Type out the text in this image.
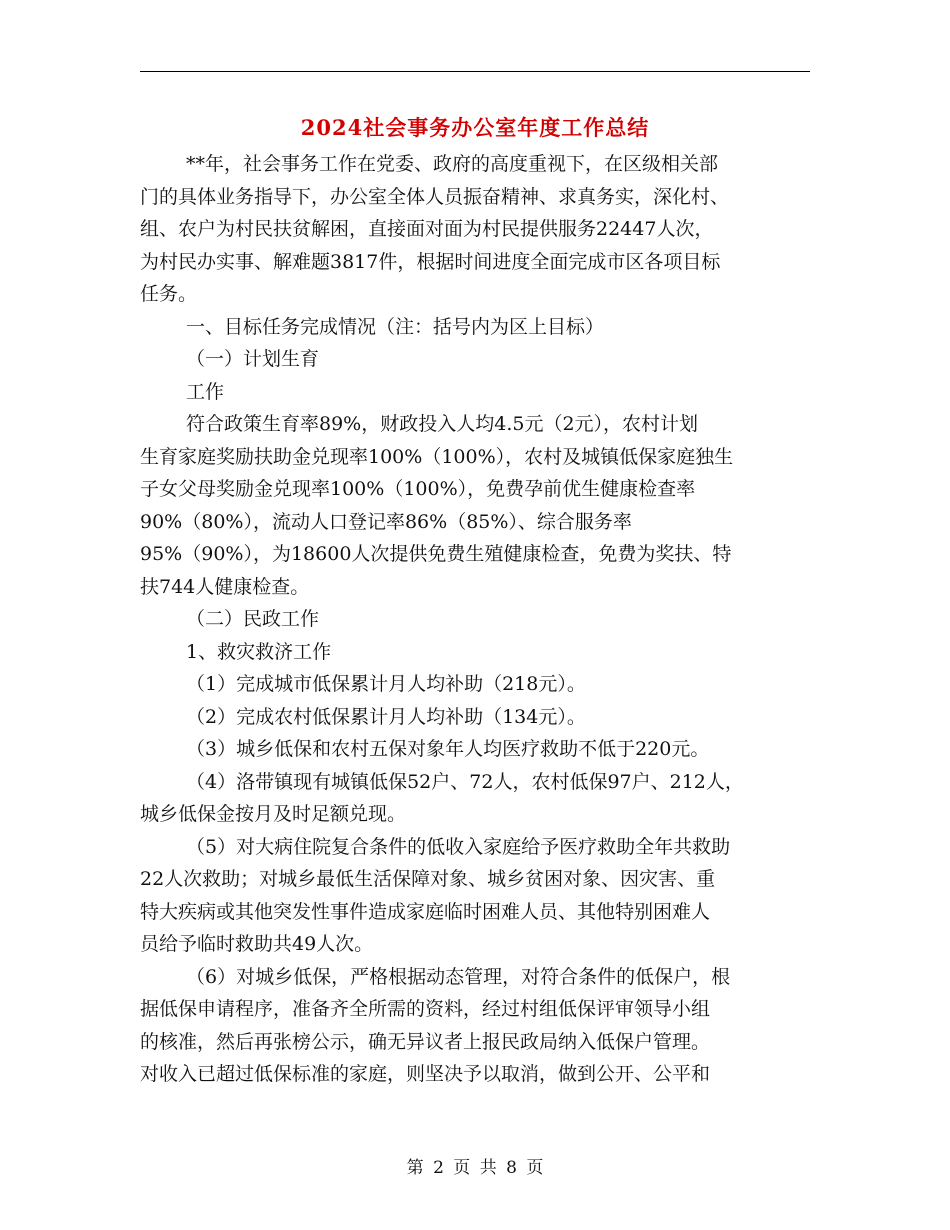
2024社会事务办公室年度工作总结
**年，社会事务工作在党委、政府的高度重视下，在区级相关部
门的具体业务指导下，办公室全体人员振奋精神、求真务实，深化村、
组、农户为村民扶贫解困，直接面对面为村民提供服务22447人次，
为村民办实事、解难题3817件，根据时间进度全面完成市区各项目标
任务。
一、目标任务完成情况（注：括号内为区上目标）
（一）计划生育
工作
符合政策生育率89%，财政投入人均4.5元（2元），农村计划
生育家庭奖励扶助金兑现率100%（100%），农村及城镇低保家庭独生
子女父母奖励金兑现率100%（100%），免费孕前优生健康检查率
90%（80%），流动人口登记率86%（85%）、综合服务率
95%（90%），为18600人次提供免费生殖健康检查，免费为奖扶、特
扶744人健康检查。
（二）民政工作
1、救灾救济工作
（1）完成城市低保累计月人均补助（218元）。
（2）完成农村低保累计月人均补助（134元）。
（3）城乡低保和农村五保对象年人均医疗救助不低于220元。
（4）洛带镇现有城镇低保52户、72人，农村低保97户、212人，
城乡低保金按月及时足额兑现。
（5）对大病住院复合条件的低收入家庭给予医疗救助全年共救助
22人次救助；对城乡最低生活保障对象、城乡贫困对象、因灾害、重
特大疾病或其他突发性事件造成家庭临时困难人员、其他特别困难人
员给予临时救助共49人次。
（6）对城乡低保，严格根据动态管理，对符合条件的低保户，根
据低保申请程序，准备齐全所需的资料，经过村组低保评审领导小组
的核准，然后再张榜公示，确无异议者上报民政局纳入低保户管理。
对收入已超过低保标准的家庭，则坚决予以取消，做到公开、公平和
第 2 页 共 8 页
